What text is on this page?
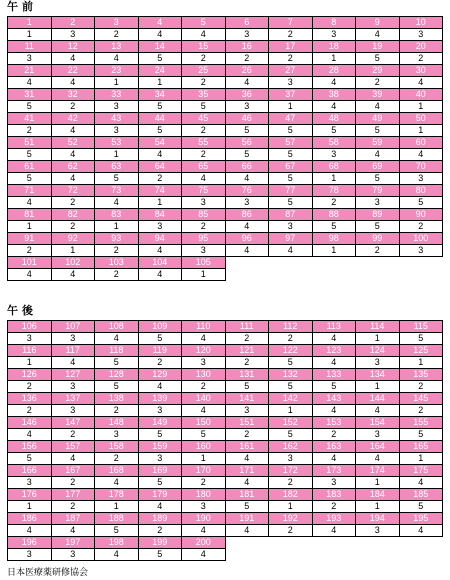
午前
1	2	3	4	5	6	7	8	9	10
1	3	2	4	4	3	2	3	4	3
11	12	13	14	15	16	17	18	19	20
3	4	4	5	2	2	2	1	5	2
21	22	23	24	25	26	27	28	29	30
4	4	1	1	2	4	3	4	2	4
31	32	33	34	35	36	37	38	39	40
5	2	3	5	5	3	1	4	4	1
41	42	43	44	45	46	47	48	49	50
2	4	3	5	2	5	5	5	5	1
51	52	53	54	55	56	57	58	59	60
5	4	1	4	2	5	5	3	4	4
61	62	63	64	65	66	67	68	69	70
5	4	5	2	4	4	5	1	5	3
71	72	73	74	75	76	77	78	79	80
4	2	4	1	3	3	5	2	3	5
81	82	83	84	85	86	87	88	89	90
1	2	1	3	2	4	3	5	5	2
91	92	93	94	95	96	97	98	99	100
2	1	2	4	3	4	4	1	2	3
101	102	103	104	105					
4	4	2	4	1					
午後
106	107	108	109	110	111	112	113	114	115
3	3	4	5	4	2	2	4	1	5
116	117	118	119	120	121	122	123	124	125
1	4	5	2	3	2	5	4	3	1
126	127	128	129	130	131	132	133	134	135
2	3	5	4	2	5	5	5	1	2
136	137	138	139	140	141	142	143	144	145
2	3	2	3	4	3	1	4	4	2
146	147	148	149	150	151	152	153	154	155
4	2	3	5	5	2	5	2	3	5
156	157	158	159	160	161	162	163	164	165
5	4	2	3	1	4	3	4	4	1
166	167	168	169	170	171	172	173	174	175
3	2	4	5	2	4	2	3	1	4
176	177	178	179	180	181	182	183	184	185
1	2	1	4	3	5	1	2	1	5
186	187	188	189	190	191	192	193	194	195
4	4	5	2	4	4	2	4	3	4
196	197	198	199	200					
3	3	4	5	4					
日本医療薬研修協会
